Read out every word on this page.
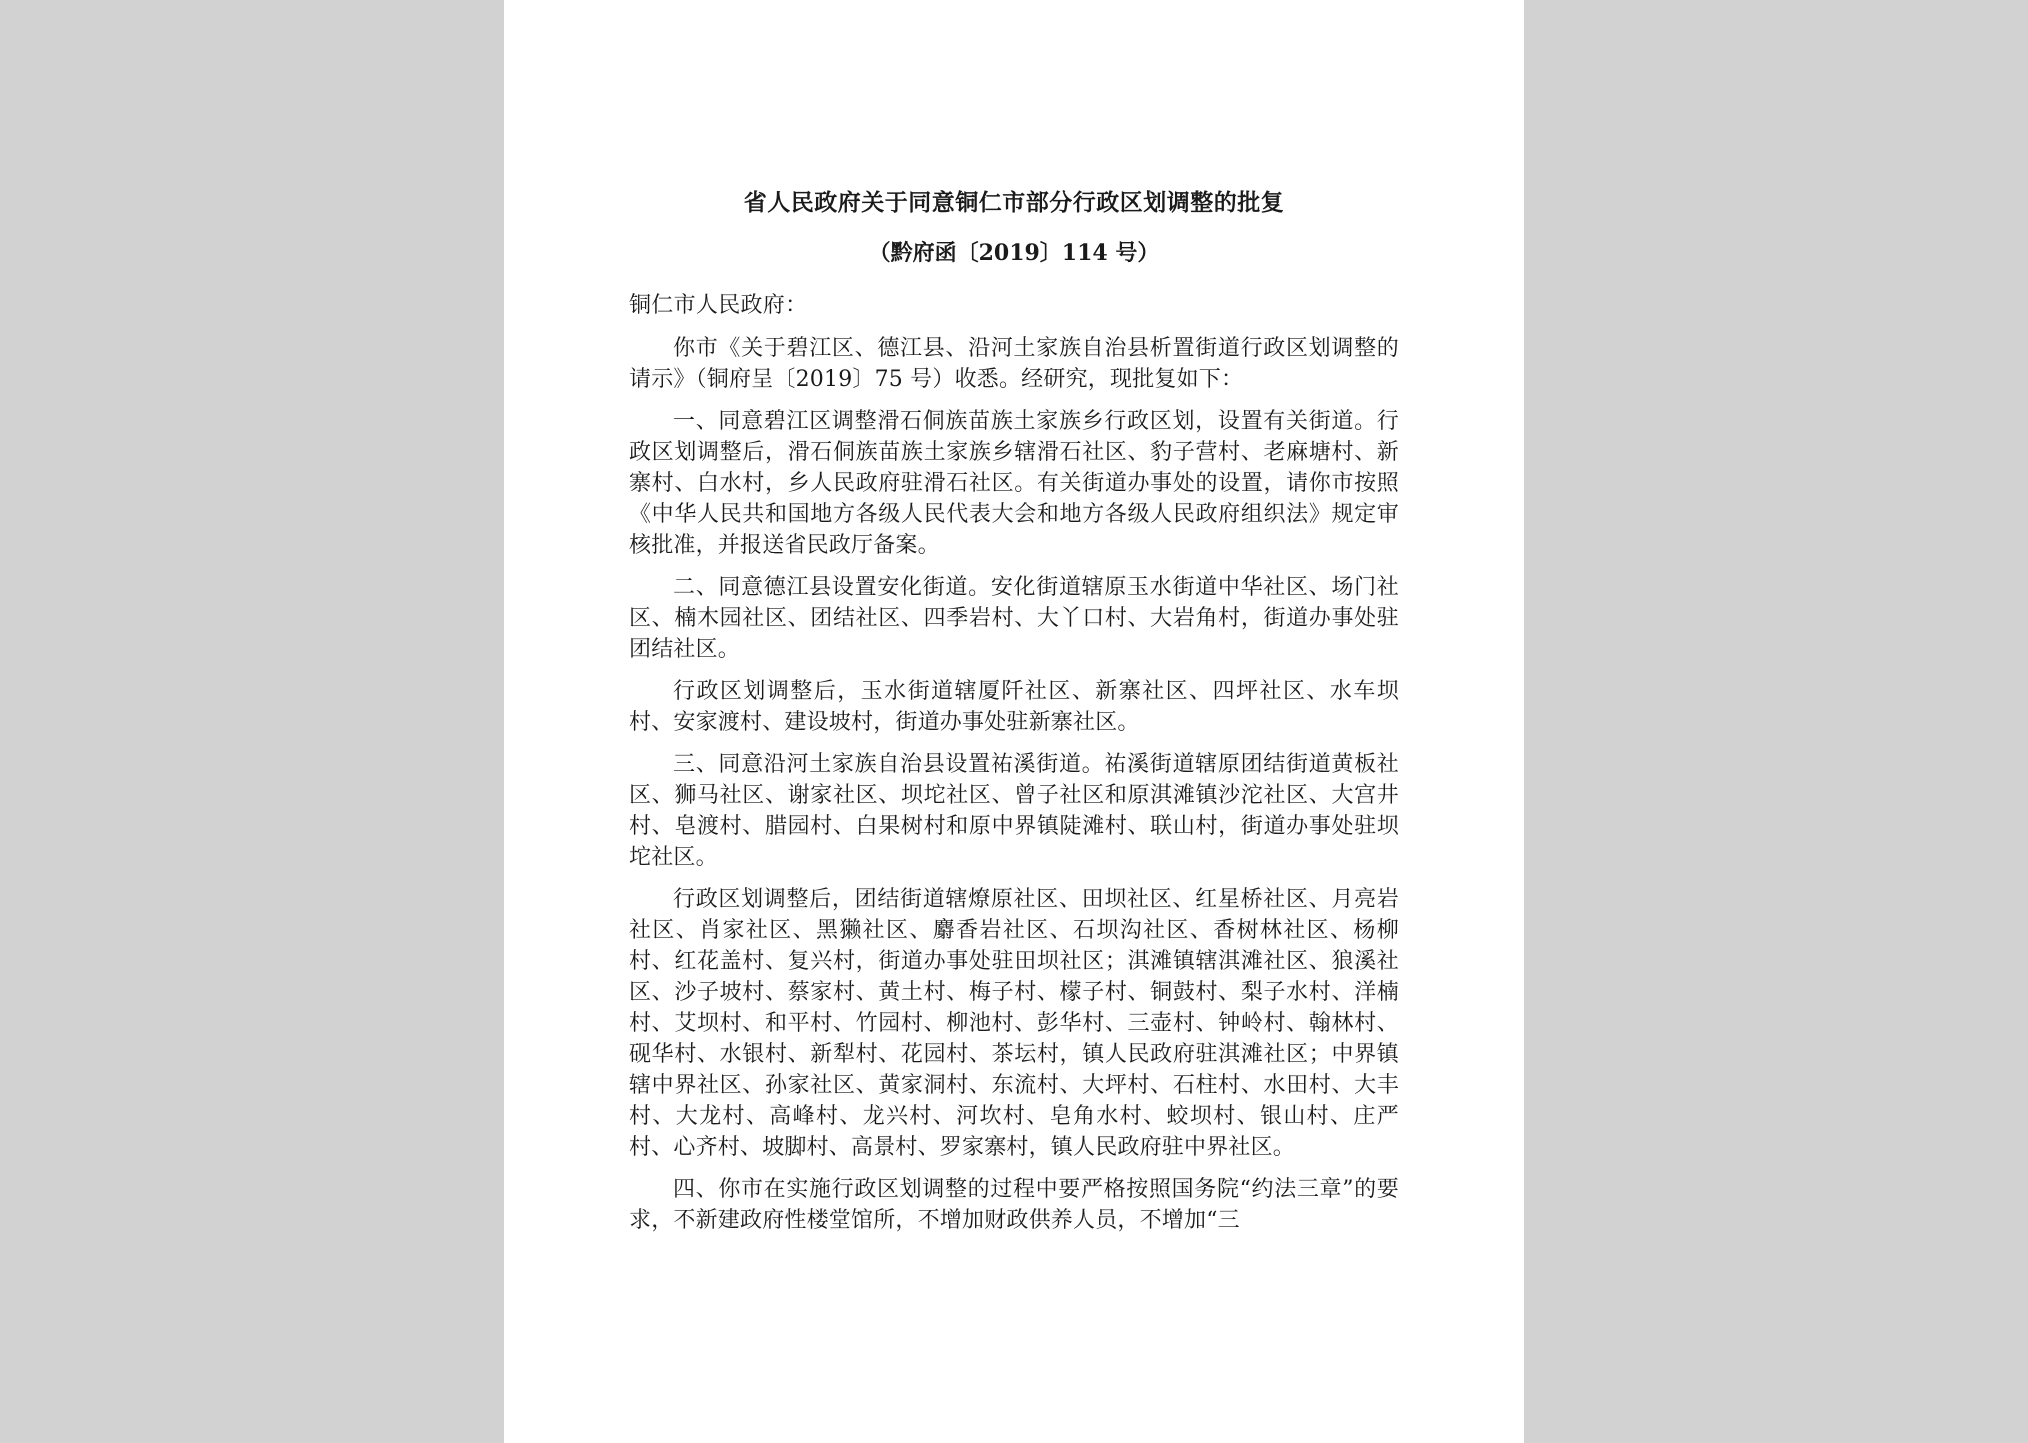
省人民政府关于同意铜仁市部分行政区划调整的批复
（黔府函〔2019〕114 号）
铜仁市人民政府：

你市《关于碧江区、德江县、沿河土家族自治县析置街道行政区划调整的请示》（铜府呈〔2019〕75 号）收悉。经研究，现批复如下：

一、同意碧江区调整滑石侗族苗族土家族乡行政区划，设置有关街道。行政区划调整后，滑石侗族苗族土家族乡辖滑石社区、豹子营村、老麻塘村、新寨村、白水村，乡人民政府驻滑石社区。有关街道办事处的设置，请你市按照《中华人民共和国地方各级人民代表大会和地方各级人民政府组织法》规定审核批准，并报送省民政厅备案。

二、同意德江县设置安化街道。安化街道辖原玉水街道中华社区、场门社区、楠木园社区、团结社区、四季岩村、大丫口村、大岩角村，街道办事处驻团结社区。

行政区划调整后，玉水街道辖厦阡社区、新寨社区、四坪社区、水车坝村、安家渡村、建设坡村，街道办事处驻新寨社区。

三、同意沿河土家族自治县设置祐溪街道。祐溪街道辖原团结街道黄板社区、狮马社区、谢家社区、坝坨社区、曾子社区和原淇滩镇沙沱社区、大宫井村、皂渡村、腊园村、白果树村和原中界镇陡滩村、联山村，街道办事处驻坝坨社区。

行政区划调整后，团结街道辖燎原社区、田坝社区、红星桥社区、月亮岩社区、肖家社区、黑獭社区、麝香岩社区、石坝沟社区、香树林社区、杨柳村、红花盖村、复兴村，街道办事处驻田坝社区；淇滩镇辖淇滩社区、狼溪社区、沙子坡村、蔡家村、黄土村、梅子村、檬子村、铜鼓村、梨子水村、洋楠村、艾坝村、和平村、竹园村、柳池村、彭华村、三壶村、钟岭村、翰林村、砚华村、水银村、新犁村、花园村、茶坛村，镇人民政府驻淇滩社区；中界镇辖中界社区、孙家社区、黄家洞村、东流村、大坪村、石柱村、水田村、大丰村、大龙村、高峰村、龙兴村、河坎村、皂角水村、蛟坝村、银山村、庄严村、心齐村、坡脚村、高景村、罗家寨村，镇人民政府驻中界社区。

四、你市在实施行政区划调整的过程中要严格按照国务院“约法三章”的要求，不新建政府性楼堂馆所，不增加财政供养人员，不增加“三
